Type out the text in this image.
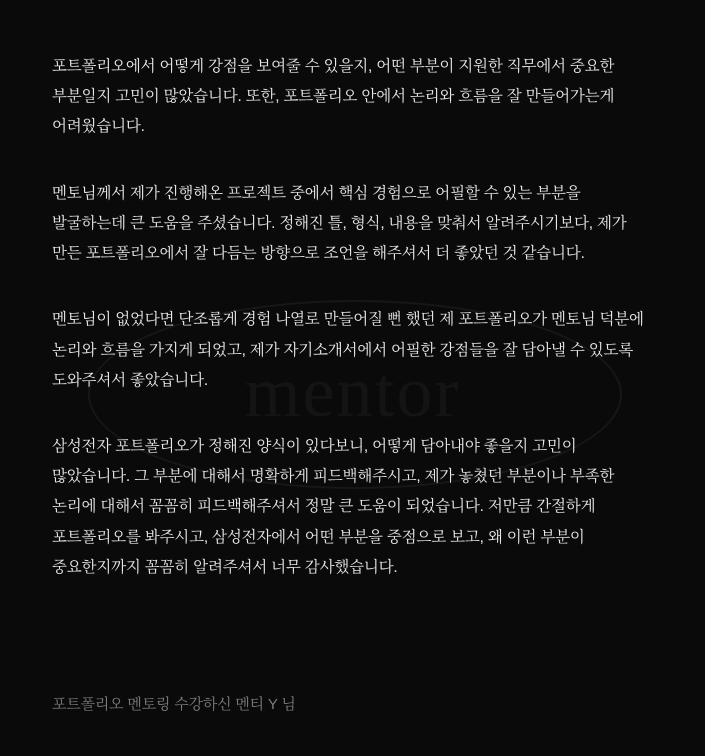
포트폴리오에서 어떻게 강점을 보여줄 수 있을지, 어떤 부분이 지원한 직무에서 중요한 부분일지 고민이 많았습니다. 또한, 포트폴리오 안에서 논리와 흐름을 잘 만들어가는게 어려웠습니다.

멘토님께서 제가 진행해온 프로젝트 중에서 핵심 경험으로 어필할 수 있는 부분을 발굴하는데 큰 도움을 주셨습니다. 정해진 틀, 형식, 내용을 맞춰서 알려주시기보다, 제가 만든 포트폴리오에서 잘 다듬는 방향으로 조언을 해주셔서 더 좋았던 것 같습니다.

멘토님이 없었다면 단조롭게 경험 나열로 만들어질 뻔 했던 제 포트폴리오가 멘토님 덕분에 논리와 흐름을 가지게 되었고, 제가 자기소개서에서 어필한 강점들을 잘 담아낼 수 있도록 도와주셔서 좋았습니다.

삼성전자 포트폴리오가 정해진 양식이 있다보니, 어떻게 담아내야 좋을지 고민이 많았습니다. 그 부분에 대해서 명확하게 피드백해주시고, 제가 놓쳤던 부분이나 부족한 논리에 대해서 꼼꼼히 피드백해주셔서 정말 큰 도움이 되었습니다. 저만큼 간절하게 포트폴리오를 봐주시고, 삼성전자에서 어떤 부분을 중점으로 보고, 왜 이런 부분이 중요한지까지 꼼꼼히 알려주셔서 너무 감사했습니다.

포트폴리오 멘토링 수강하신 멘티 Y 님
